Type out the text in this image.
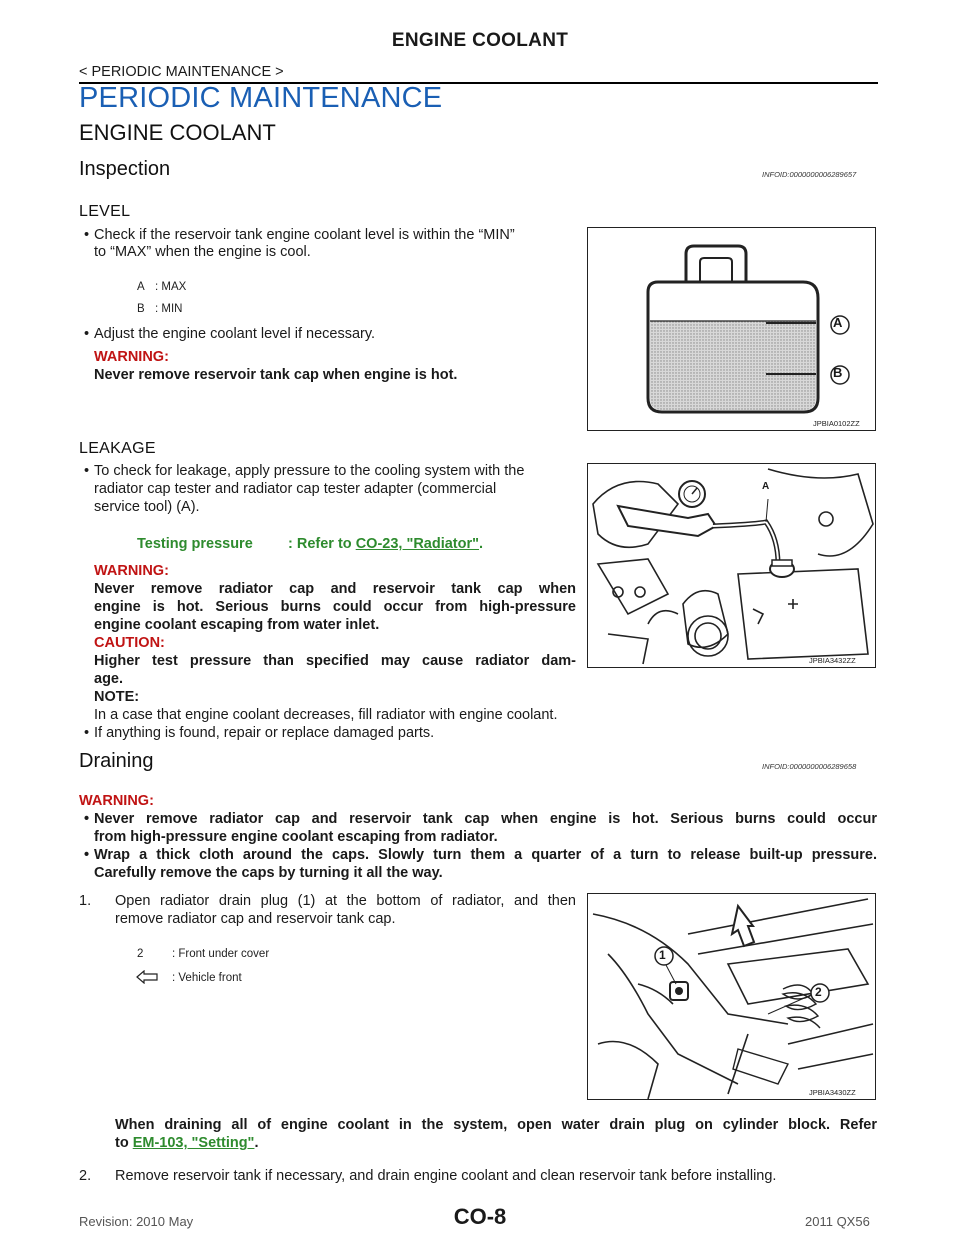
ENGINE COOLANT
< PERIODIC MAINTENANCE >
PERIODIC MAINTENANCE
ENGINE COOLANT
Inspection	INFOID:0000000006289657
LEVEL
• Check if the reservoir tank engine coolant level is within the “MIN”
to “MAX” when the engine is cool.
A : MAX
B : MIN
• Adjust the engine coolant level if necessary.
WARNING:
Never remove reservoir tank cap when engine is hot.
A
B
JPBIA0102ZZ
LEAKAGE
• To check for leakage, apply pressure to the cooling system with the
radiator cap tester and radiator cap tester adapter (commercial
service tool) (A).
Testing pressure : Refer to CO-23, "Radiator".
WARNING:
Never remove radiator cap and reservoir tank cap when
engine is hot. Serious burns could occur from high-pressure
engine coolant escaping from water inlet.
CAUTION:
Higher test pressure than specified may cause radiator dam-
age.
NOTE:
In a case that engine coolant decreases, fill radiator with engine coolant.
• If anything is found, repair or replace damaged parts.
A
JPBIA3432ZZ
Draining	INFOID:0000000006289658
WARNING:
• Never remove radiator cap and reservoir tank cap when engine is hot. Serious burns could occur
from high-pressure engine coolant escaping from radiator.
• Wrap a thick cloth around the caps. Slowly turn them a quarter of a turn to release built-up pressure.
Carefully remove the caps by turning it all the way.
1. Open radiator drain plug (1) at the bottom of radiator, and then
remove radiator cap and reservoir tank cap.
2 : Front under cover
: Vehicle front
1
2
JPBIA3430ZZ
When draining all of engine coolant in the system, open water drain plug on cylinder block. Refer
to EM-103, "Setting".
2. Remove reservoir tank if necessary, and drain engine coolant and clean reservoir tank before installing.
Revision: 2010 May	CO-8	2011 QX56
